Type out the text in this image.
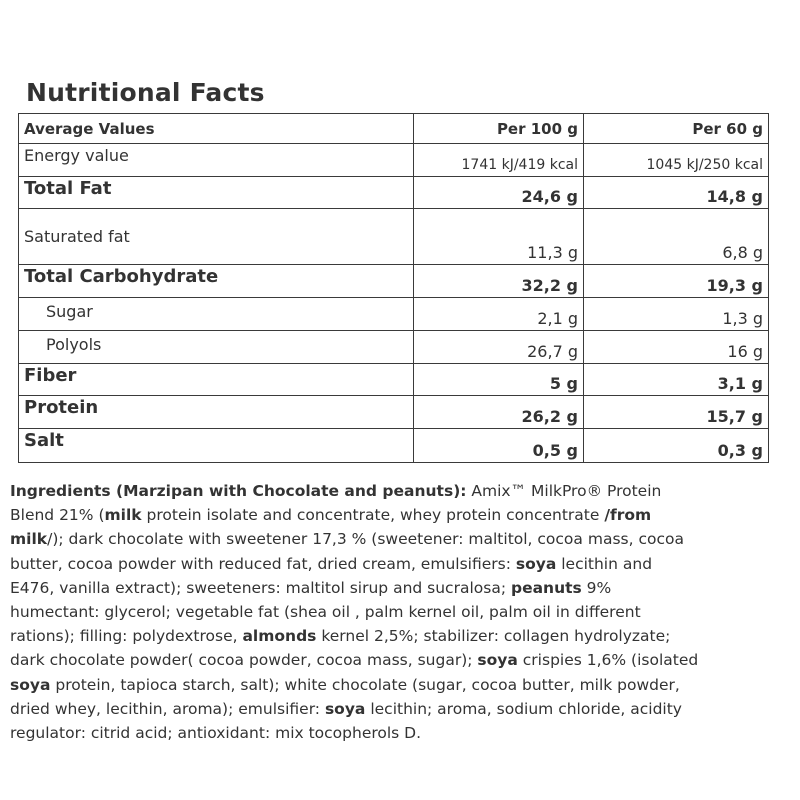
Nutritional Facts
Average Values	Per 100 g	Per 60 g
Energy value	1741 kJ/419 kcal	1045 kJ/250 kcal
Total Fat	24,6 g	14,8 g
Saturated fat	11,3 g	6,8 g
Total Carbohydrate	32,2 g	19,3 g
Sugar	2,1 g	1,3 g
Polyols	26,7 g	16 g
Fiber	5 g	3,1 g
Protein	26,2 g	15,7 g
Salt	0,5 g	0,3 g

Ingredients (Marzipan with Chocolate and peanuts): Amix™ MilkPro® Protein Blend 21% (milk protein isolate and concentrate, whey protein concentrate /from milk/); dark chocolate with sweetener 17,3 % (sweetener: maltitol, cocoa mass, cocoa butter, cocoa powder with reduced fat, dried cream, emulsifiers: soya lecithin and E476, vanilla extract); sweeteners: maltitol sirup and sucralosa; peanuts 9% humectant: glycerol; vegetable fat (shea oil , palm kernel oil, palm oil in different rations); filling: polydextrose, almonds kernel 2,5%; stabilizer: collagen hydrolyzate; dark chocolate powder( cocoa powder, cocoa mass, sugar); soya crispies 1,6% (isolated soya protein, tapioca starch, salt); white chocolate (sugar, cocoa butter, milk powder, dried whey, lecithin, aroma); emulsifier: soya lecithin; aroma, sodium chloride, acidity regulator: citrid acid; antioxidant: mix tocopherols D.
